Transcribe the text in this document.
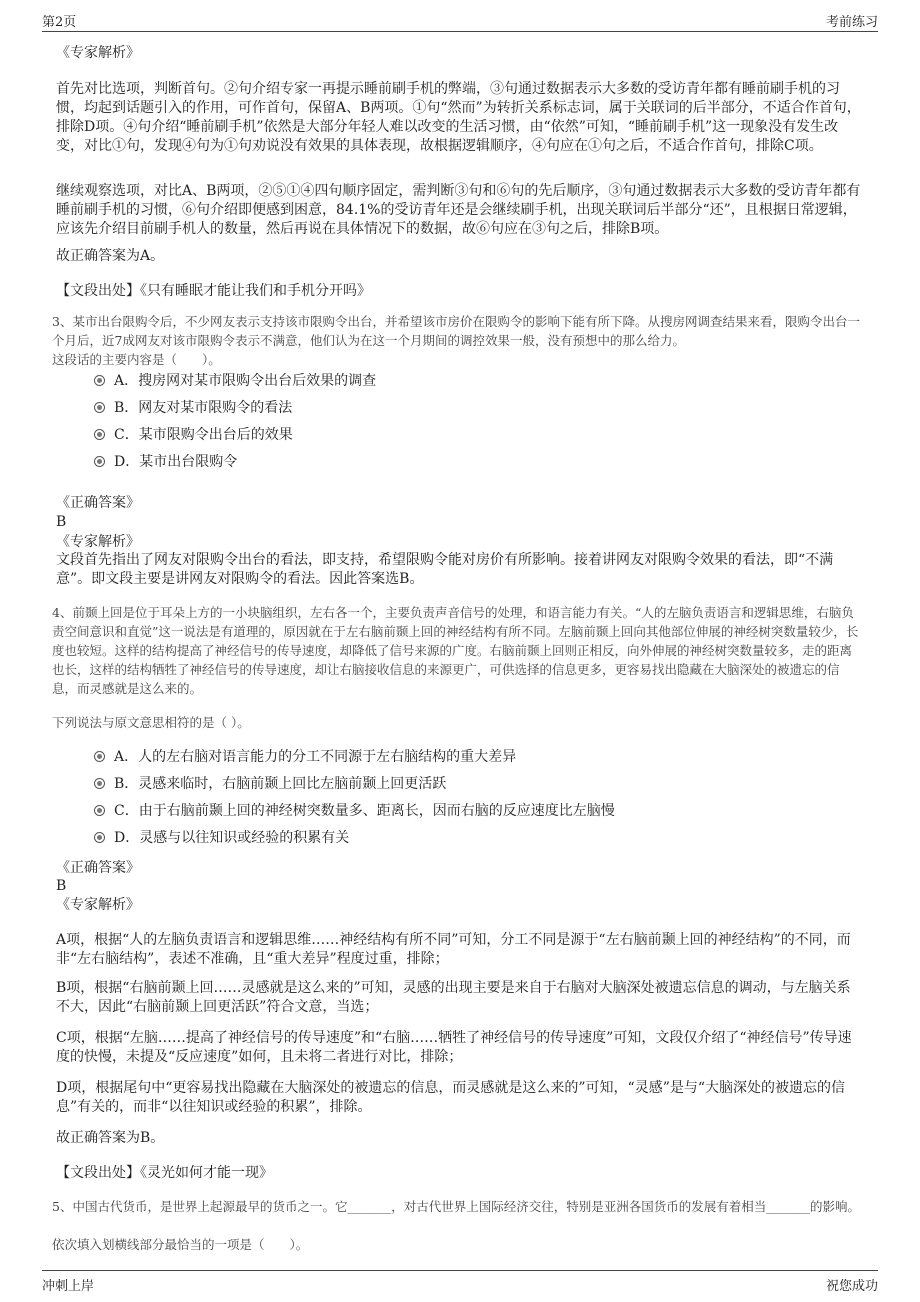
第2页	考前练习
《专家解析》
首先对比选项，判断首句。②句介绍专家一再提示睡前刷手机的弊端，③句通过数据表示大多数的受访青年都有睡前刷手机的习惯，均起到话题引入的作用，可作首句，保留A、B两项。①句“然而”为转折关系标志词，属于关联词的后半部分，不适合作首句，排除D项。④句介绍“睡前刷手机”依然是大部分年轻人难以改变的生活习惯，由“依然”可知，“睡前刷手机”这一现象没有发生改变，对比①句，发现④句为①句劝说没有效果的具体表现，故根据逻辑顺序，④句应在①句之后，不适合作首句，排除C项。
继续观察选项，对比A、B两项，②⑤①④四句顺序固定，需判断③句和⑥句的先后顺序，③句通过数据表示大多数的受访青年都有睡前刷手机的习惯，⑥句介绍即便感到困意，84.1%的受访青年还是会继续刷手机，出现关联词后半部分“还”，且根据日常逻辑，应该先介绍目前刷手机人的数量，然后再说在具体情况下的数据，故⑥句应在③句之后，排除B项。
故正确答案为A。
【文段出处】《只有睡眠才能让我们和手机分开吗》
3、某市出台限购令后，不少网友表示支持该市限购令出台，并希望该市房价在限购令的影响下能有所下降。从搜房网调查结果来看，限购令出台一个月后，近7成网友对该市限购令表示不满意，他们认为在这一个月期间的调控效果一般，没有预想中的那么给力。
这段话的主要内容是（　　）。
A．搜房网对某市限购令出台后效果的调查
B．网友对某市限购令的看法
C．某市限购令出台后的效果
D．某市出台限购令
《正确答案》
B
《专家解析》
文段首先指出了网友对限购令出台的看法，即支持，希望限购令能对房价有所影响。接着讲网友对限购令效果的看法，即“不满意”。即文段主要是讲网友对限购令的看法。因此答案选B。
4、前颞上回是位于耳朵上方的一小块脑组织，左右各一个，主要负责声音信号的处理，和语言能力有关。“人的左脑负责语言和逻辑思维，右脑负责空间意识和直觉”这一说法是有道理的，原因就在于左右脑前颞上回的神经结构有所不同。左脑前颞上回向其他部位伸展的神经树突数量较少，长度也较短。这样的结构提高了神经信号的传导速度，却降低了信号来源的广度。右脑前颞上回则正相反，向外伸展的神经树突数量较多，走的距离也长，这样的结构牺牲了神经信号的传导速度，却让右脑接收信息的来源更广，可供选择的信息更多，更容易找出隐藏在大脑深处的被遗忘的信息，而灵感就是这么来的。
下列说法与原文意思相符的是（ ）。
A．人的左右脑对语言能力的分工不同源于左右脑结构的重大差异
B．灵感来临时，右脑前颞上回比左脑前颞上回更活跃
C．由于右脑前颞上回的神经树突数量多、距离长，因而右脑的反应速度比左脑慢
D．灵感与以往知识或经验的积累有关
《正确答案》
B
《专家解析》
A项，根据“人的左脑负责语言和逻辑思维……神经结构有所不同”可知，分工不同是源于“左右脑前颞上回的神经结构”的不同，而非“左右脑结构”，表述不准确，且“重大差异”程度过重，排除；
B项，根据“右脑前颞上回……灵感就是这么来的”可知，灵感的出现主要是来自于右脑对大脑深处被遗忘信息的调动，与左脑关系不大，因此“右脑前颞上回更活跃”符合文意，当选；
C项，根据“左脑……提高了神经信号的传导速度”和“右脑……牺牲了神经信号的传导速度”可知，文段仅介绍了“神经信号”传导速度的快慢，未提及“反应速度”如何，且未将二者进行对比，排除；
D项，根据尾句中“更容易找出隐藏在大脑深处的被遗忘的信息，而灵感就是这么来的”可知，“灵感”是与“大脑深处的被遗忘的信息”有关的，而非“以往知识或经验的积累”，排除。
故正确答案为B。
【文段出处】《灵光如何才能一现》
5、中国古代货币，是世界上起源最早的货币之一。它_______，对古代世界上国际经济交往，特别是亚洲各国货币的发展有着相当_______的影响。
依次填入划横线部分最恰当的一项是（　　）。
冲刺上岸	祝您成功
